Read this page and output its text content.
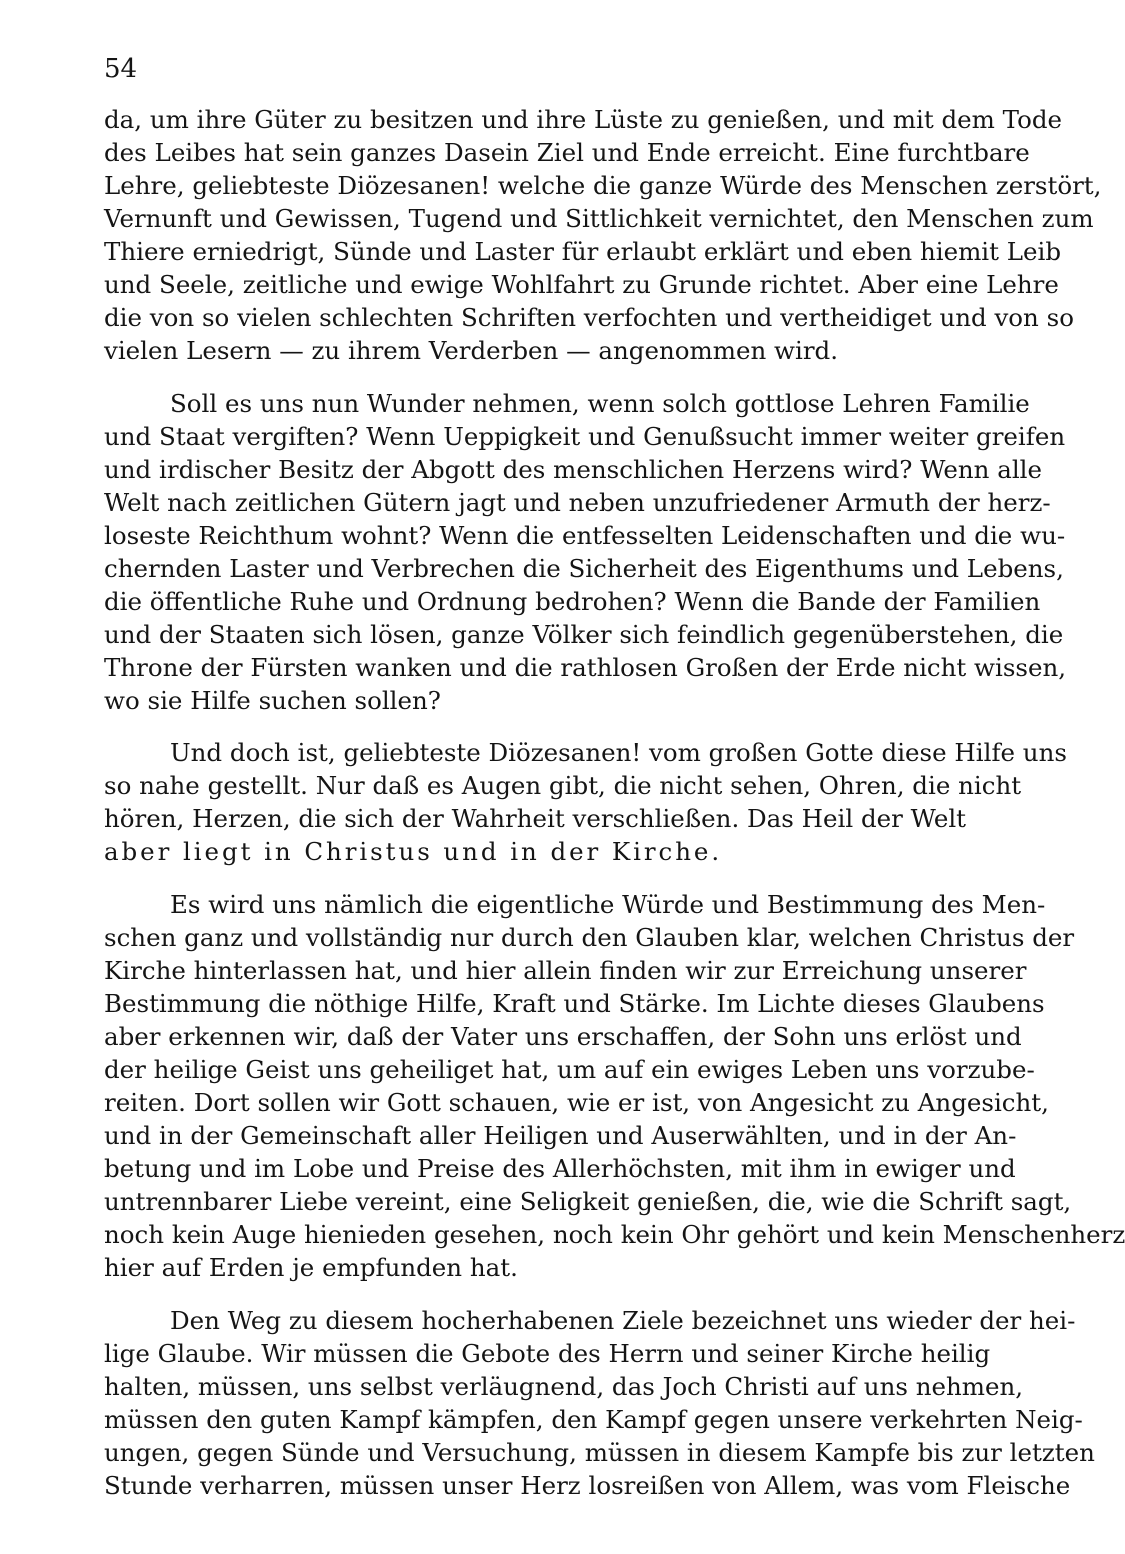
54
da, um ihre Güter zu besitzen und ihre Lüste zu genießen, und mit dem Tode
des Leibes hat sein ganzes Dasein Ziel und Ende erreicht. Eine furchtbare
Lehre, geliebteste Diözesanen! welche die ganze Würde des Menschen zerstört,
Vernunft und Gewissen, Tugend und Sittlichkeit vernichtet, den Menschen zum
Thiere erniedrigt, Sünde und Laster für erlaubt erklärt und eben hiemit Leib
und Seele, zeitliche und ewige Wohlfahrt zu Grunde richtet. Aber eine Lehre
die von so vielen schlechten Schriften verfochten und vertheidiget und von so
vielen Lesern — zu ihrem Verderben — angenommen wird.
Soll es uns nun Wunder nehmen, wenn solch gottlose Lehren Familie
und Staat vergiften? Wenn Ueppigkeit und Genußsucht immer weiter greifen
und irdischer Besitz der Abgott des menschlichen Herzens wird? Wenn alle
Welt nach zeitlichen Gütern jagt und neben unzufriedener Armuth der herz-
loseste Reichthum wohnt? Wenn die entfesselten Leidenschaften und die wu-
chernden Laster und Verbrechen die Sicherheit des Eigenthums und Lebens,
die öffentliche Ruhe und Ordnung bedrohen? Wenn die Bande der Familien
und der Staaten sich lösen, ganze Völker sich feindlich gegenüberstehen, die
Throne der Fürsten wanken und die rathlosen Großen der Erde nicht wissen,
wo sie Hilfe suchen sollen?
Und doch ist, geliebteste Diözesanen! vom großen Gotte diese Hilfe uns
so nahe gestellt. Nur daß es Augen gibt, die nicht sehen, Ohren, die nicht
hören, Herzen, die sich der Wahrheit verschließen. Das Heil der Welt
aber liegt in Christus und in der Kirche.
Es wird uns nämlich die eigentliche Würde und Bestimmung des Men-
schen ganz und vollständig nur durch den Glauben klar, welchen Christus der
Kirche hinterlassen hat, und hier allein finden wir zur Erreichung unserer
Bestimmung die nöthige Hilfe, Kraft und Stärke. Im Lichte dieses Glaubens
aber erkennen wir, daß der Vater uns erschaffen, der Sohn uns erlöst und
der heilige Geist uns geheiliget hat, um auf ein ewiges Leben uns vorzube-
reiten. Dort sollen wir Gott schauen, wie er ist, von Angesicht zu Angesicht,
und in der Gemeinschaft aller Heiligen und Auserwählten, und in der An-
betung und im Lobe und Preise des Allerhöchsten, mit ihm in ewiger und
untrennbarer Liebe vereint, eine Seligkeit genießen, die, wie die Schrift sagt,
noch kein Auge hienieden gesehen, noch kein Ohr gehört und kein Menschenherz
hier auf Erden je empfunden hat.
Den Weg zu diesem hocherhabenen Ziele bezeichnet uns wieder der hei-
lige Glaube. Wir müssen die Gebote des Herrn und seiner Kirche heilig
halten, müssen, uns selbst verläugnend, das Joch Christi auf uns nehmen,
müssen den guten Kampf kämpfen, den Kampf gegen unsere verkehrten Neig-
ungen, gegen Sünde und Versuchung, müssen in diesem Kampfe bis zur letzten
Stunde verharren, müssen unser Herz losreißen von Allem, was vom Fleische
